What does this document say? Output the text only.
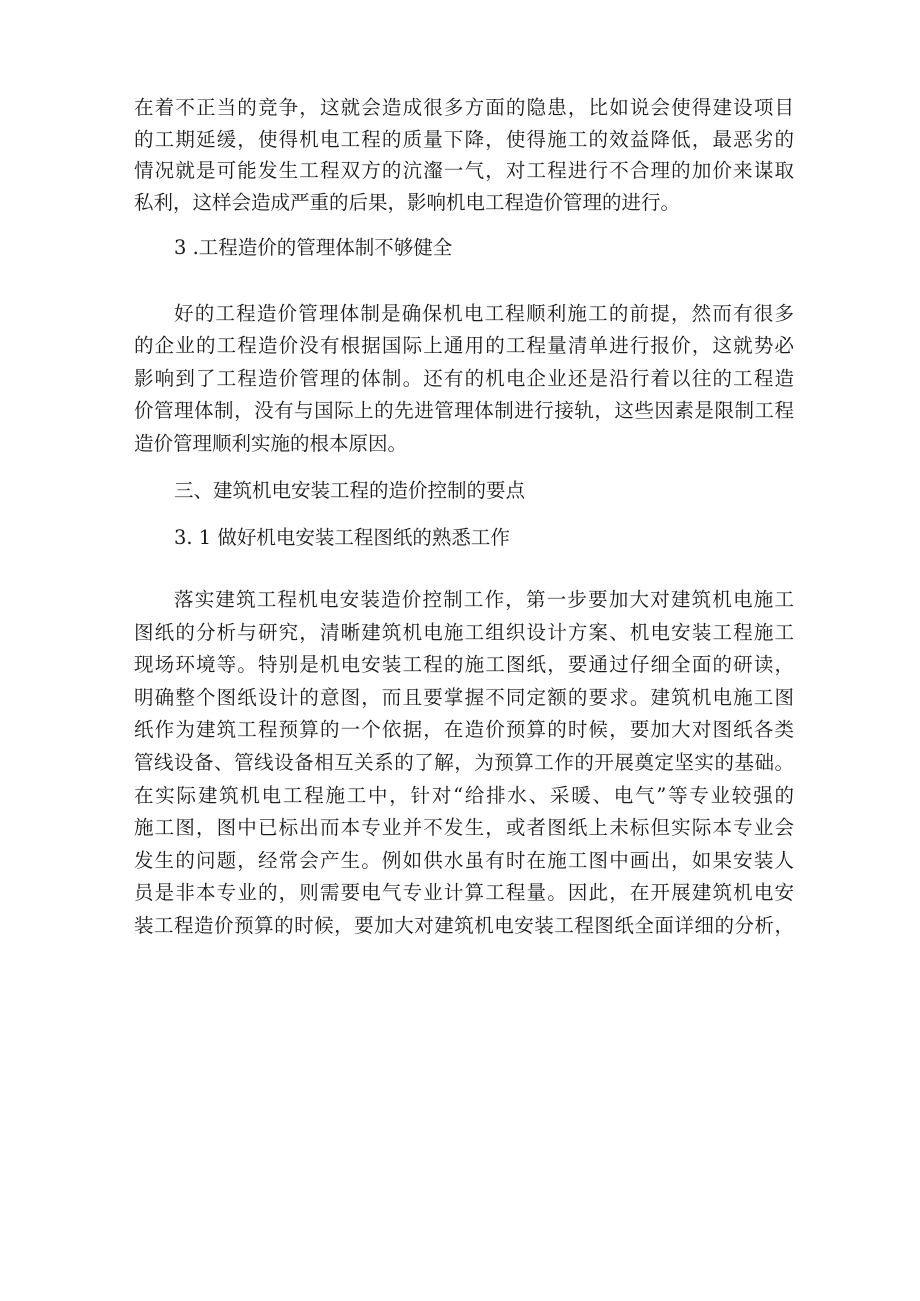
在着不正当的竞争，这就会造成很多方面的隐患，比如说会使得建设项目
的工期延缓，使得机电工程的质量下降，使得施工的效益降低，最恶劣的
情况就是可能发生工程双方的沆瀣一气，对工程进行不合理的加价来谋取
私利，这样会造成严重的后果，影响机电工程造价管理的进行。

3 .工程造价的管理体制不够健全

好的工程造价管理体制是确保机电工程顺利施工的前提，然而有很多
的企业的工程造价没有根据国际上通用的工程量清单进行报价，这就势必
影响到了工程造价管理的体制。还有的机电企业还是沿行着以往的工程造
价管理体制，没有与国际上的先进管理体制进行接轨，这些因素是限制工程
造价管理顺利实施的根本原因。

三、建筑机电安装工程的造价控制的要点

3. 1 做好机电安装工程图纸的熟悉工作

落实建筑工程机电安装造价控制工作，第一步要加大对建筑机电施工
图纸的分析与研究，清晰建筑机电施工组织设计方案、机电安装工程施工
现场环境等。特别是机电安装工程的施工图纸，要通过仔细全面的研读，
明确整个图纸设计的意图，而且要掌握不同定额的要求。建筑机电施工图
纸作为建筑工程预算的一个依据，在造价预算的时候，要加大对图纸各类
管线设备、管线设备相互关系的了解，为预算工作的开展奠定坚实的基础。
在实际建筑机电工程施工中，针对“给排水、采暖、电气”等专业较强的
施工图，图中已标出而本专业并不发生，或者图纸上未标但实际本专业会
发生的问题，经常会产生。例如供水虽有时在施工图中画出，如果安装人
员是非本专业的，则需要电气专业计算工程量。因此，在开展建筑机电安
装工程造价预算的时候，要加大对建筑机电安装工程图纸全面详细的分析，
